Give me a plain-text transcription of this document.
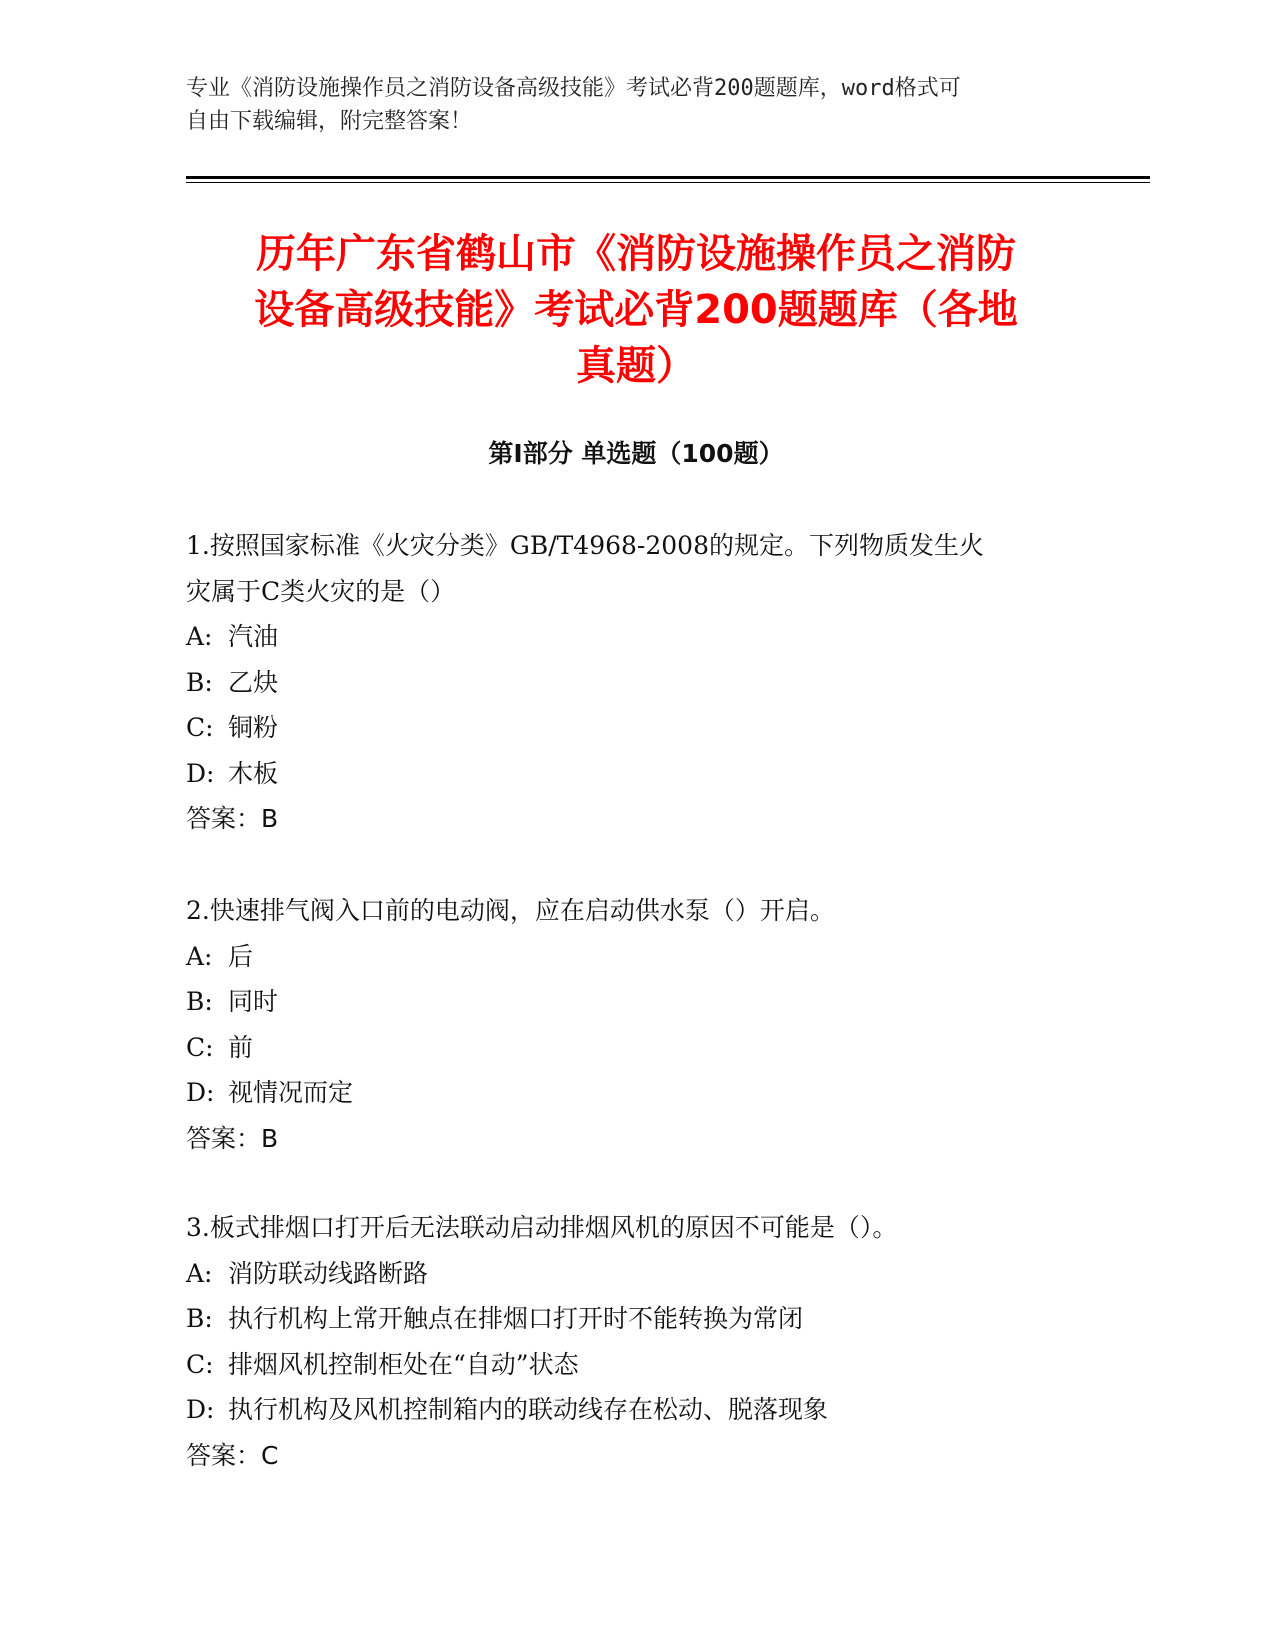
专业《消防设施操作员之消防设备高级技能》考试必背200题题库，word格式可
自由下载编辑，附完整答案！
历年广东省鹤山市《消防设施操作员之消防
设备高级技能》考试必背200题题库（各地
真题）
第Ⅰ部分 单选题（100题）
1.按照国家标准《火灾分类》GB/T4968-2008的规定。下列物质发生火
灾属于C类火灾的是（）
A: 汽油
B: 乙炔
C: 铜粉
D: 木板
答案：B
2.快速排气阀入口前的电动阀，应在启动供水泵（）开启。
A: 后
B: 同时
C: 前
D: 视情况而定
答案：B
3.板式排烟口打开后无法联动启动排烟风机的原因不可能是（）。
A: 消防联动线路断路
B: 执行机构上常开触点在排烟口打开时不能转换为常闭
C: 排烟风机控制柜处在“自动”状态
D: 执行机构及风机控制箱内的联动线存在松动、脱落现象
答案：C
